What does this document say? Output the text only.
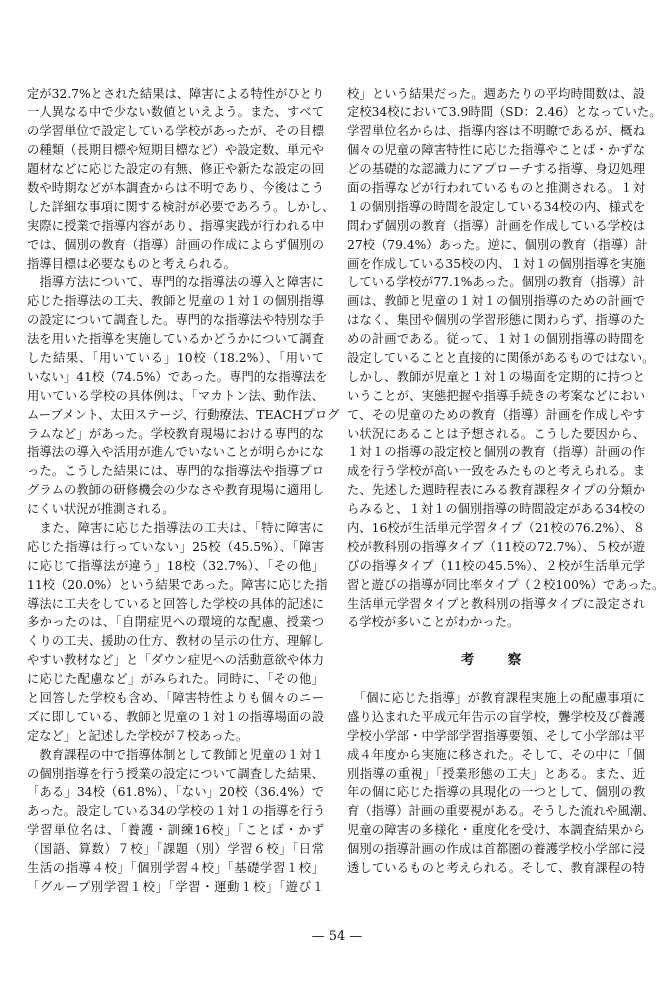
定が32.7%とされた結果は、障害による特性がひとり
一人異なる中で少ない数値といえよう。また、すべて
の学習単位で設定している学校があったが、その目標
の種類（長期目標や短期目標など）や設定数、単元や
題材などに応じた設定の有無、修正や新たな設定の回
数や時期などが本調査からは不明であり、今後はこう
した詳細な事項に関する検討が必要であろう。しかし、
実際に授業で指導内容があり、指導実践が行われる中
では、個別の教育（指導）計画の作成によらず個別の
指導目標は必要なものと考えられる。
　指導方法について、専門的な指導法の導入と障害に
応じた指導法の工夫、教師と児童の１対１の個別指導
の設定について調査した。専門的な指導法や特別な手
法を用いた指導を実施しているかどうかについて調査
した結果、「用いている」10校（18.2%）、「用いて
いない」41校（74.5%）であった。専門的な指導法を
用いている学校の具体例は、「マカトン法、動作法、
ムーブメント、太田ステージ、行動療法、TEACHプログ
ラムなど」があった。学校教育現場における専門的な
指導法の導入や活用が進んでいないことが明らかにな
った。こうした結果には、専門的な指導法や指導プロ
グラムの教師の研修機会の少なさや教育現場に適用し
にくい状況が推測される。
　また、障害に応じた指導法の工夫は、「特に障害に
応じた指導は行っていない」25校（45.5%）、「障害
に応じて指導法が違う」18校（32.7%）、「その他」
11校（20.0%）という結果であった。障害に応じた指
導法に工夫をしていると回答した学校の具体的記述に
多かったのは、「自閉症児への環境的な配慮、授業つ
くりの工夫、援助の仕方、教材の呈示の仕方、理解し
やすい教材など」と「ダウン症児への活動意欲や体力
に応じた配慮など」がみられた。同時に、「その他」
と回答した学校も含め、「障害特性よりも個々のニー
ズに即している、教師と児童の１対１の指導場面の設
定など」と記述した学校が７校あった。
　教育課程の中で指導体制として教師と児童の１対１
の個別指導を行う授業の設定について調査した結果、
「ある」34校（61.8%）、「ない」20校（36.4%）で
あった。設定している34の学校の１対１の指導を行う
学習単位名は、「養護・訓練16校」「ことば・かず
（国語、算数）７校」「課題（別）学習６校」「日常
生活の指導４校」「個別学習４校」「基礎学習１校」
「グループ別学習１校」「学習・運動１校」「遊び１
校」という結果だった。週あたりの平均時間数は、設
定校34校において3.9時間（SD：2.46）となっていた。
学習単位名からは、指導内容は不明瞭であるが、概ね
個々の児童の障害特性に応じた指導やことば・かずな
どの基礎的な認識力にアプローチする指導、身辺処理
面の指導などが行われているものと推測される。１対
１の個別指導の時間を設定している34校の内、様式を
問わず個別の教育（指導）計画を作成している学校は
27校（79.4%）あった。逆に、個別の教育（指導）計
画を作成している35校の内、１対１の個別指導を実施
している学校が77.1%あった。個別の教育（指導）計
画は、教師と児童の１対１の個別指導のための計画で
はなく、集団や個別の学習形態に関わらず、指導のた
めの計画である。従って、１対１の個別指導の時間を
設定していることと直接的に関係があるものではない。
しかし、教師が児童と１対１の場面を定期的に持つと
いうことが、実態把握や指導手続きの考案などにおい
て、その児童のための教育（指導）計画を作成しやす
い状況にあることは予想される。こうした要因から、
１対１の指導の設定校と個別の教育（指導）計画の作
成を行う学校が高い一致をみたものと考えられる。ま
た、先述した週時程表にみる教育課程タイプの分類か
らみると、１対１の個別指導の時間設定がある34校の
内、16校が生活単元学習タイプ（21校の76.2%）、８
校が教科別の指導タイプ（11校の72.7%）、５校が遊
びの指導タイプ（11校の45.5%）、２校が生活単元学
習と遊びの指導が同比率タイプ（２校100%）であった。
生活単元学習タイプと教科別の指導タイプに設定され
る学校が多いことがわかった。
考　察
　「個に応じた指導」が教育課程実施上の配慮事項に
盛り込まれた平成元年告示の盲学校，聾学校及び養護
学校小学部・中学部学習指導要領、そして小学部は平
成４年度から実施に移された。そして、その中に「個
別指導の重視」「授業形態の工夫」とある。また、近
年の個に応じた指導の具現化の一つとして、個別の教
育（指導）計画の重要視がある。そうした流れや風潮、
児童の障害の多様化・重度化を受け、本調査結果から
個別の指導計画の作成は首都圏の養護学校小学部に浸
透しているものと考えられる。そして、教育課程の特
— 54 —
